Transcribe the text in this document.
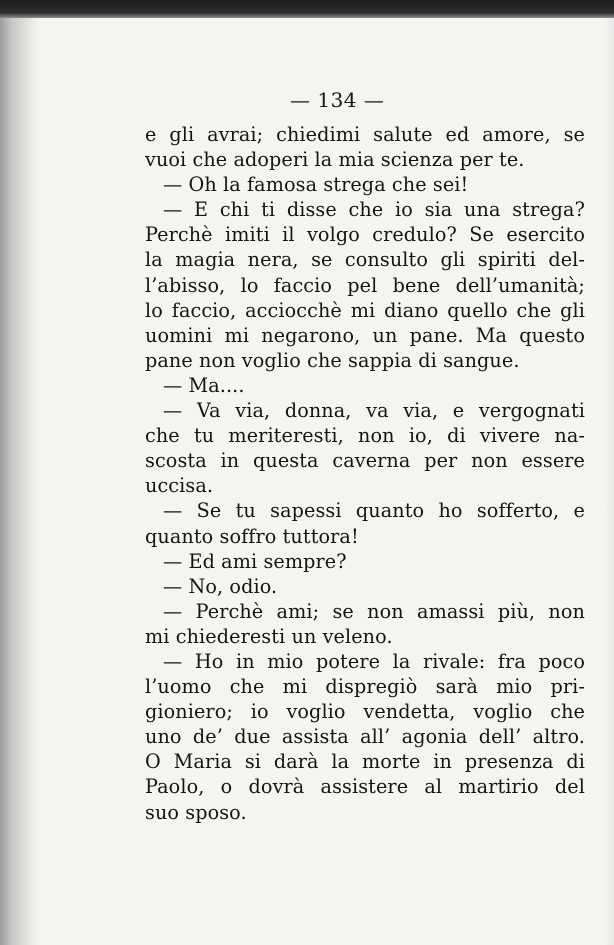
— 134 —
e gli avrai; chiedimi salute ed amore, se
vuoi che adoperi la mia scienza per te.
— Oh la famosa strega che sei!
— E chi ti disse che io sia una strega?
Perchè imiti il volgo credulo? Se esercito
la magia nera, se consulto gli spiriti del-
l’abisso, lo faccio pel bene dell’umanità;
lo faccio, acciocchè mi diano quello che gli
uomini mi negarono, un pane. Ma questo
pane non voglio che sappia di sangue.
— Ma....
— Va via, donna, va via, e vergognati
che tu meriteresti, non io, di vivere na-
scosta in questa caverna per non essere
uccisa.
— Se tu sapessi quanto ho sofferto, e
quanto soffro tuttora!
— Ed ami sempre?
— No, odio.
— Perchè ami; se non amassi più, non
mi chiederesti un veleno.
— Ho in mio potere la rivale: fra poco
l’uomo che mi dispregiò sarà mio pri-
gioniero; io voglio vendetta, voglio che
uno de’ due assista all’ agonia dell’ altro.
O Maria si darà la morte in presenza di
Paolo, o dovrà assistere al martirio del
suo sposo.
